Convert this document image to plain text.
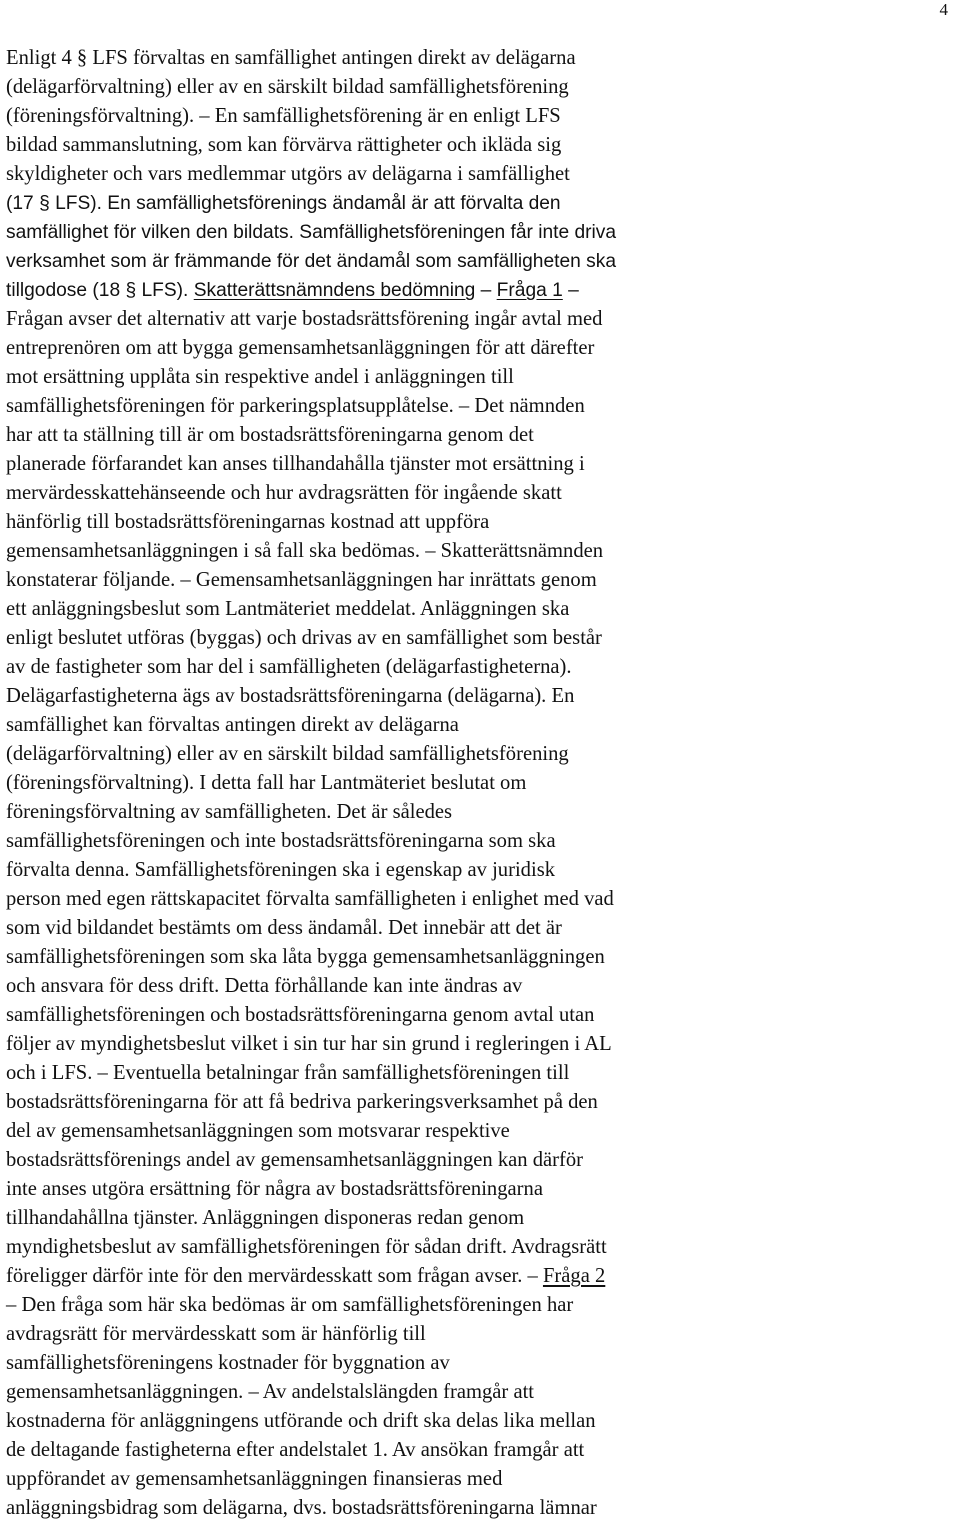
4
Enligt 4 § LFS förvaltas en samfällighet antingen direkt av delägarna
(delägarförvaltning) eller av en särskilt bildad samfällighetsförening
(föreningsförvaltning). – En samfällighetsförening är en enligt LFS
bildad sammanslutning, som kan förvärva rättigheter och ikläda sig
skyldigheter och vars medlemmar utgörs av delägarna i samfällighet
(17 § LFS). En samfällighetsförenings ändamål är att förvalta den
samfällighet för vilken den bildats. Samfällighetsföreningen får inte driva
verksamhet som är främmande för det ändamål som samfälligheten ska
tillgodose (18 § LFS). Skatterättsnämndens bedömning – Fråga 1 –
Frågan avser det alternativ att varje bostadsrättsförening ingår avtal med
entreprenören om att bygga gemensamhetsanläggningen för att därefter
mot ersättning upplåta sin respektive andel i anläggningen till
samfällighetsföreningen för parkeringsplatsupplåtelse. – Det nämnden
har att ta ställning till är om bostadsrättsföreningarna genom det
planerade förfarandet kan anses tillhandahålla tjänster mot ersättning i
mervärdesskattehänseende och hur avdragsrätten för ingående skatt
hänförlig till bostadsrättsföreningarnas kostnad att uppföra
gemensamhetsanläggningen i så fall ska bedömas. – Skatterättsnämnden
konstaterar följande. – Gemensamhetsanläggningen har inrättats genom
ett anläggningsbeslut som Lantmäteriet meddelat. Anläggningen ska
enligt beslutet utföras (byggas) och drivas av en samfällighet som består
av de fastigheter som har del i samfälligheten (delägarfastigheterna).
Delägarfastigheterna ägs av bostadsrättsföreningarna (delägarna). En
samfällighet kan förvaltas antingen direkt av delägarna
(delägarförvaltning) eller av en särskilt bildad samfällighetsförening
(föreningsförvaltning). I detta fall har Lantmäteriet beslutat om
föreningsförvaltning av samfälligheten. Det är således
samfällighetsföreningen och inte bostadsrättsföreningarna som ska
förvalta denna. Samfällighetsföreningen ska i egenskap av juridisk
person med egen rättskapacitet förvalta samfälligheten i enlighet med vad
som vid bildandet bestämts om dess ändamål. Det innebär att det är
samfällighetsföreningen som ska låta bygga gemensamhetsanläggningen
och ansvara för dess drift. Detta förhållande kan inte ändras av
samfällighetsföreningen och bostadsrättsföreningarna genom avtal utan
följer av myndighetsbeslut vilket i sin tur har sin grund i regleringen i AL
och i LFS. – Eventuella betalningar från samfällighetsföreningen till
bostadsrättsföreningarna för att få bedriva parkeringsverksamhet på den
del av gemensamhetsanläggningen som motsvarar respektive
bostadsrättsförenings andel av gemensamhetsanläggningen kan därför
inte anses utgöra ersättning för några av bostadsrättsföreningarna
tillhandahållna tjänster. Anläggningen disponeras redan genom
myndighetsbeslut av samfällighetsföreningen för sådan drift. Avdragsrätt
föreligger därför inte för den mervärdesskatt som frågan avser. – Fråga 2
– Den fråga som här ska bedömas är om samfällighetsföreningen har
avdragsrätt för mervärdesskatt som är hänförlig till
samfällighetsföreningens kostnader för byggnation av
gemensamhetsanläggningen. – Av andelstalslängden framgår att
kostnaderna för anläggningens utförande och drift ska delas lika mellan
de deltagande fastigheterna efter andelstalet 1. Av ansökan framgår att
uppförandet av gemensamhetsanläggningen finansieras med
anläggningsbidrag som delägarna, dvs. bostadsrättsföreningarna lämnar
